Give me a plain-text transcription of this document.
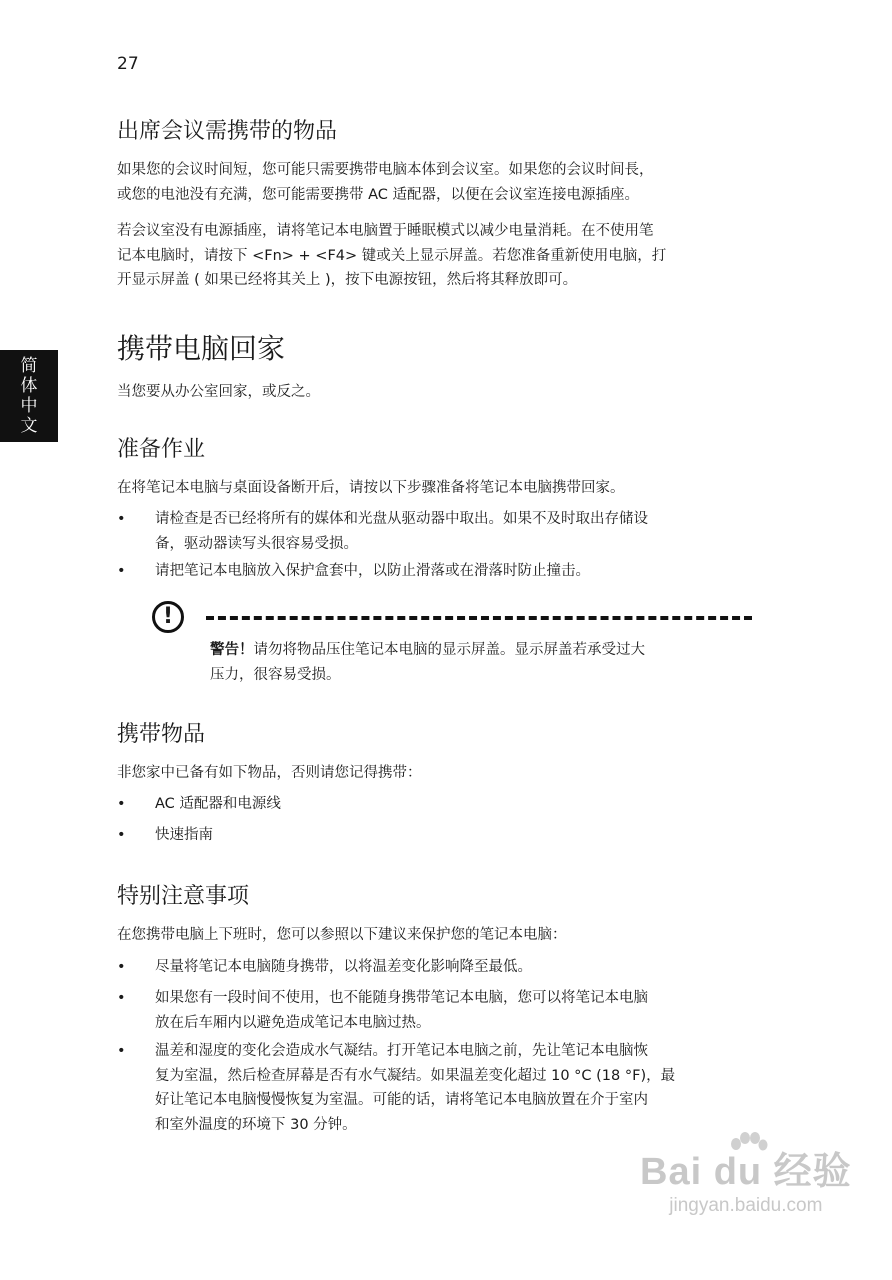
27
简
体
中
文
出席会议需携带的物品
如果您的会议时间短，您可能只需要携带电脑本体到会议室。如果您的会议时间長，
或您的电池没有充满，您可能需要携带 AC 适配器，以便在会议室连接电源插座。
若会议室没有电源插座，请将笔记本电脑置于睡眠模式以减少电量消耗。在不使用笔
记本电脑时，请按下 <Fn> + <F4> 键或关上显示屏盖。若您准备重新使用电脑，打
开显示屏盖 ( 如果已经将其关上 )，按下电源按钮，然后将其释放即可。
携带电脑回家
当您要从办公室回家，或反之。
准备作业
在将笔记本电脑与桌面设备断开后，请按以下步骤准备将笔记本电脑携带回家。
• 请检查是否已经将所有的媒体和光盘从驱动器中取出。如果不及时取出存储设
备，驱动器读写头很容易受损。
• 请把笔记本电脑放入保护盒套中，以防止滑落或在滑落时防止撞击。
!
警告！请勿将物品压住笔记本电脑的显示屏盖。显示屏盖若承受过大
压力，很容易受损。
携带物品
非您家中已备有如下物品，否则请您记得携带：
• AC 适配器和电源线
• 快速指南
特别注意事项
在您携带电脑上下班时，您可以参照以下建议来保护您的笔记本电脑：
• 尽量将笔记本电脑随身携带，以将温差变化影响降至最低。
• 如果您有一段时间不使用，也不能随身携带笔记本电脑，您可以将笔记本电脑
放在后车厢内以避免造成笔记本电脑过热。
• 温差和湿度的变化会造成水气凝结。打开笔记本电脑之前，先让笔记本电脑恢
复为室温，然后检查屏幕是否有水气凝结。如果温差变化超过 10 °C (18 °F)，最
好让笔记本电脑慢慢恢复为室温。可能的话，请将笔记本电脑放置在介于室内
和室外温度的环境下 30 分钟。
Bai du 经验
jingyan.baidu.com
